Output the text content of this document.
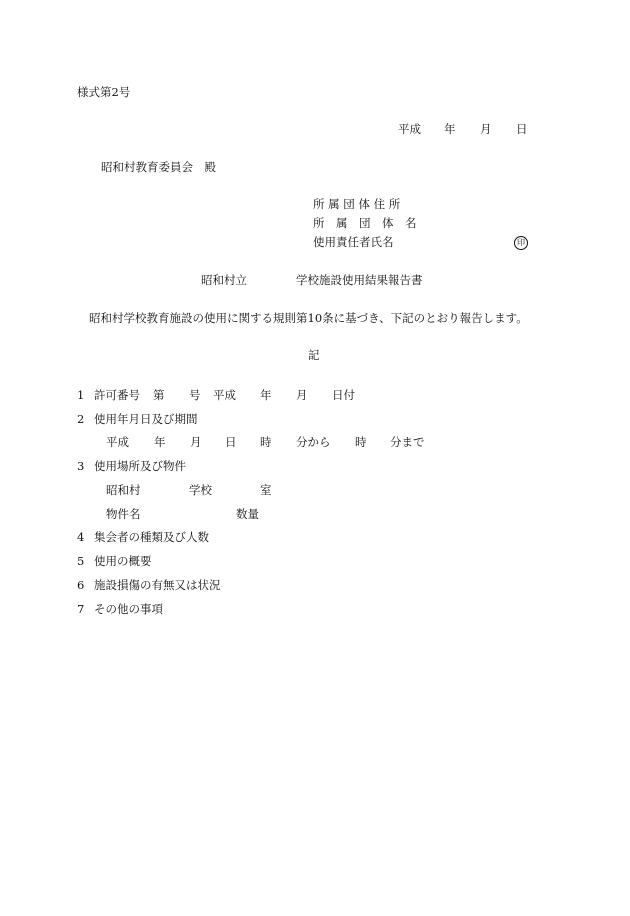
様式第2号
平成 年 月 日
昭和村教育委員会　殿
所 属 団 体 住 所
所　属　団　体　名
使用責任者氏名	印
昭和村立	学校施設使用結果報告書
昭和村学校教育施設の使用に関する規則第10条に基づき、下記のとおり報告します。
記
1 許可番号 第 号 平成 年 月 日付
2 使用年月日及び期間
平成 年 月 日 時 分から 時 分まで
3 使用場所及び物件
昭和村	学校	室
物件名	数量
4 集会者の種類及び人数
5 使用の概要
6 施設損傷の有無又は状況
7 その他の事項
